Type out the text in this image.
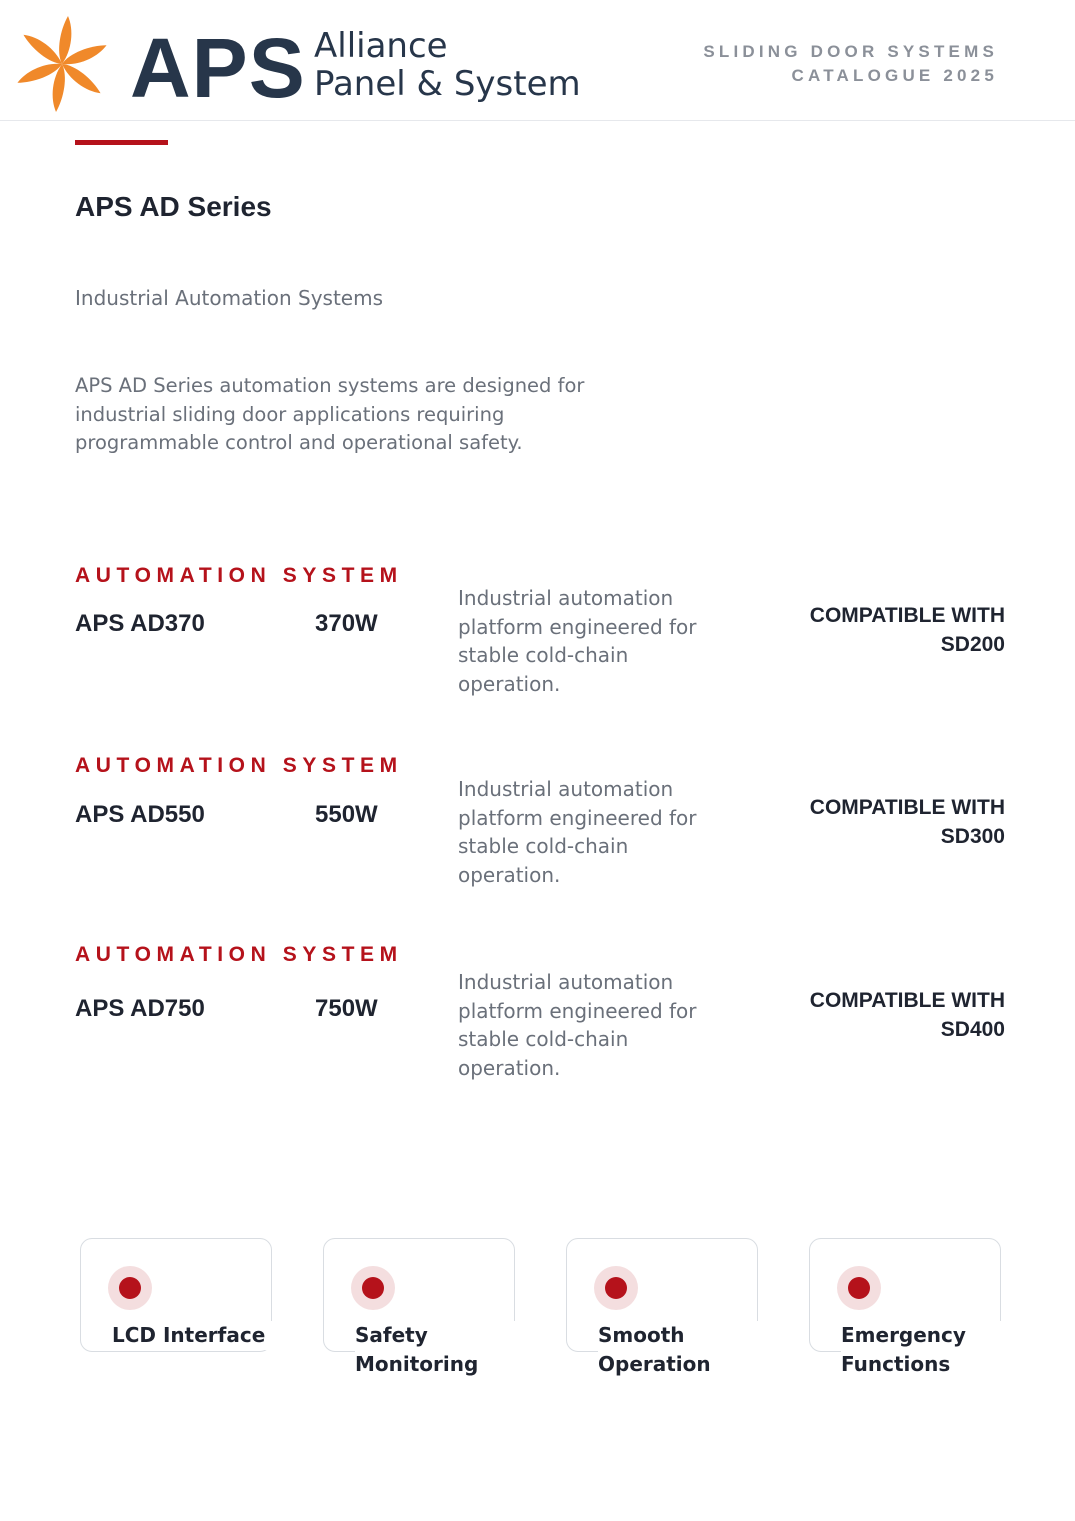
APS Alliance
Panel & System
SLIDING DOOR SYSTEMS
CATALOGUE 2025
APS AD Series
Industrial Automation Systems
APS AD Series automation systems are designed for industrial sliding door applications requiring programmable control and operational safety.
AUTOMATION SYSTEM
APS AD370	370W
Industrial automation platform engineered for stable cold-chain operation.
COMPATIBLE WITH
SD200
AUTOMATION SYSTEM
APS AD550	550W
Industrial automation platform engineered for stable cold-chain operation.
COMPATIBLE WITH
SD300
AUTOMATION SYSTEM
APS AD750	750W
Industrial automation platform engineered for stable cold-chain operation.
COMPATIBLE WITH
SD400
LCD Interface	Safety Monitoring
Smooth Operation
Emergency Functions
